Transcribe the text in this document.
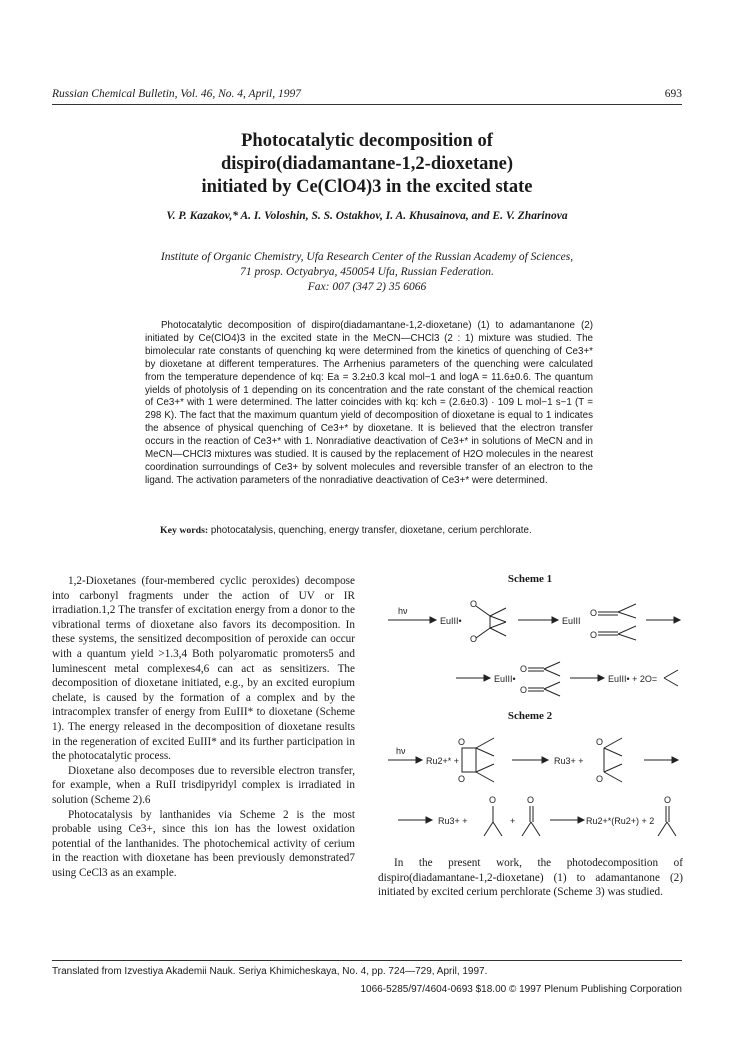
Russian Chemical Bulletin, Vol. 46, No. 4, April, 1997	693
Photocatalytic decomposition of
dispiro(diadamantane-1,2-dioxetane)
initiated by Ce(ClO4)3 in the excited state
V. P. Kazakov,* A. I. Voloshin, S. S. Ostakhov, I. A. Khusainova, and E. V. Zharinova
Institute of Organic Chemistry, Ufa Research Center of the Russian Academy of Sciences,
71 prosp. Octyabrya, 450054 Ufa, Russian Federation.
Fax: 007 (347 2) 35 6066
Photocatalytic decomposition of dispiro(diadamantane-1,2-dioxetane) (1) to adamantanone (2) initiated by Ce(ClO4)3 in the excited state in the MeCN—CHCl3 (2 : 1) mixture was studied. The bimolecular rate constants of quenching kq were determined from the kinetics of quenching of Ce3+* by dioxetane at different temperatures. The Arrhenius parameters of the quenching were calculated from the temperature dependence of kq: Ea = 3.2±0.3 kcal mol−1 and logA = 11.6±0.6. The quantum yields of photolysis of 1 depending on its concentration and the rate constant of the chemical reaction of Ce3+* with 1 were determined. The latter coincides with kq: kch = (2.6±0.3) · 109 L mol−1 s−1 (T = 298 K). The fact that the maximum quantum yield of decomposition of dioxetane is equal to 1 indicates the absence of physical quenching of Ce3+* by dioxetane. It is believed that the electron transfer occurs in the reaction of Ce3+* with 1. Nonradiative deactivation of Ce3+* in solutions of MeCN and in MeCN—CHCl3 mixtures was studied. It is caused by the replacement of H2O molecules in the nearest coordination surroundings of Ce3+ by solvent molecules and reversible transfer of an electron to the ligand. The activation parameters of the nonradiative deactivation of Ce3+* were determined.
Key words: photocatalysis, quenching, energy transfer, dioxetane, cerium perchlorate.

1,2-Dioxetanes (four-membered cyclic peroxides) decompose into carbonyl fragments under the action of UV or IR irradiation.1,2 The transfer of excitation energy from a donor to the vibrational terms of dioxetane also favors its decomposition. In these systems, the sensitized decomposition of peroxide can occur with a quantum yield >1.3,4 Both polyaromatic promoters5 and luminescent metal complexes4,6 can act as sensitizers. The decomposition of dioxetane initiated, e.g., by an excited europium chelate, is caused by the formation of a complex and by the intracomplex transfer of energy from EuIII* to dioxetane (Scheme 1). The energy released in the decomposition of dioxetane results in the regeneration of excited EuIII* and its further participation in the photocatalytic process.

Dioxetane also decomposes due to reversible electron transfer, for example, when a RuII trisdipyridyl complex is irradiated in solution (Scheme 2).6

Photocatalysis by lanthanides via Scheme 2 is the most probable using Ce3+, since this ion has the lowest oxidation potential of the lanthanides. The photochemical activity of cerium in the reaction with dioxetane has been previously demonstrated7 using CeCl3 as an example.

Scheme 1
hν
EuIII•
O
O
EuIII
O
O
EuIII•
O
O
EuIII• + 2O=
Scheme 2
hν
Ru2+* +
O
O
Ru3+ +
O
O
Ru3+ +
O
+
O
Ru2+*(Ru2+) + 2
O

In the present work, the photodecomposition of dispiro(diadamantane-1,2-dioxetane) (1) to adamantanone (2) initiated by excited cerium perchlorate (Scheme 3) was studied.

Translated from Izvestiya Akademii Nauk. Seriya Khimicheskaya, No. 4, pp. 724—729, April, 1997.
1066-5285/97/4604-0693 $18.00 © 1997 Plenum Publishing Corporation
